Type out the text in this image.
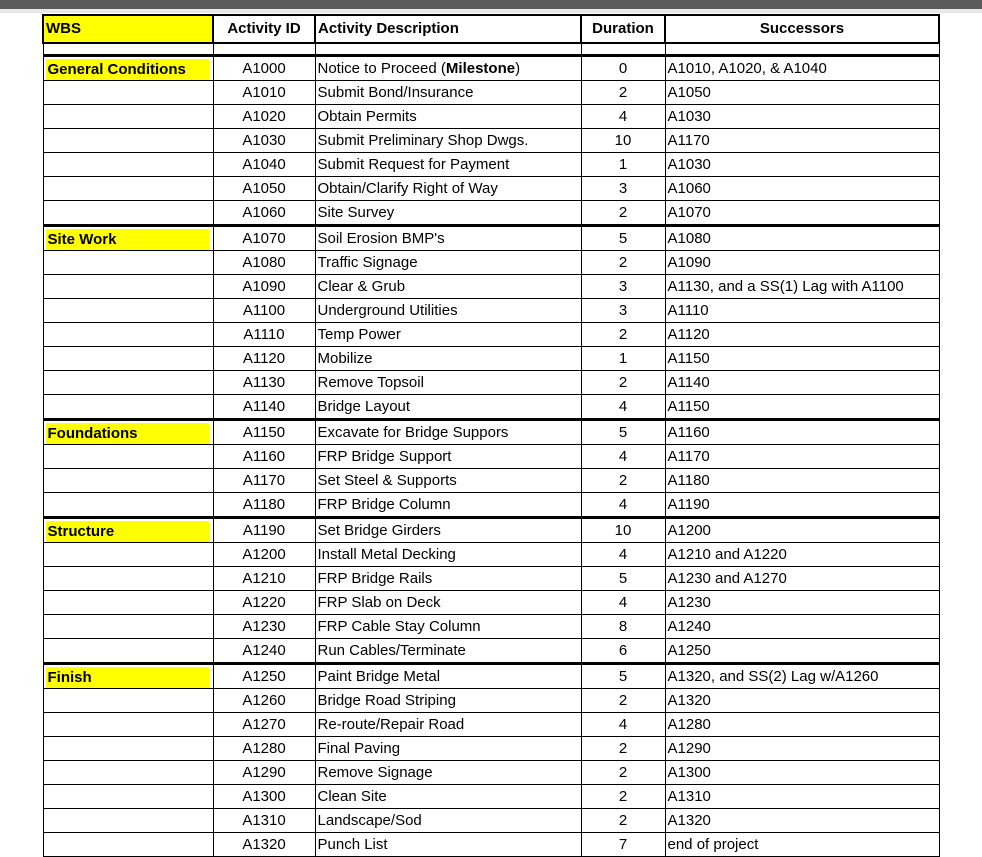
WBS	Activity ID	Activity Description	Duration	Successors

General Conditions	A1000	Notice to Proceed (Milestone)	0	A1010, A1020, & A1040
	A1010	Submit Bond/Insurance	2	A1050
	A1020	Obtain Permits	4	A1030
	A1030	Submit Preliminary Shop Dwgs.	10	A1170
	A1040	Submit Request for Payment	1	A1030
	A1050	Obtain/Clarify Right of Way	3	A1060
	A1060	Site Survey	2	A1070

Site Work	A1070	Soil Erosion BMP's	5	A1080
	A1080	Traffic Signage	2	A1090
	A1090	Clear & Grub	3	A1130, and a SS(1) Lag with A1100
	A1100	Underground Utilities	3	A1110
	A1110	Temp Power	2	A1120
	A1120	Mobilize	1	A1150
	A1130	Remove Topsoil	2	A1140
	A1140	Bridge Layout	4	A1150

Foundations	A1150	Excavate for Bridge Suppors	5	A1160
	A1160	FRP Bridge Support	4	A1170
	A1170	Set Steel & Supports	2	A1180
	A1180	FRP Bridge Column	4	A1190

Structure	A1190	Set Bridge Girders	10	A1200
	A1200	Install Metal Decking	4	A1210 and A1220
	A1210	FRP Bridge Rails	5	A1230 and A1270
	A1220	FRP Slab on Deck	4	A1230
	A1230	FRP Cable Stay Column	8	A1240
	A1240	Run Cables/Terminate	6	A1250

Finish	A1250	Paint Bridge Metal	5	A1320, and SS(2) Lag w/A1260
	A1260	Bridge Road Striping	2	A1320
	A1270	Re-route/Repair Road	4	A1280
	A1280	Final Paving	2	A1290
	A1290	Remove Signage	2	A1300
	A1300	Clean Site	2	A1310
	A1310	Landscape/Sod	2	A1320
	A1320	Punch List	7	end of project
